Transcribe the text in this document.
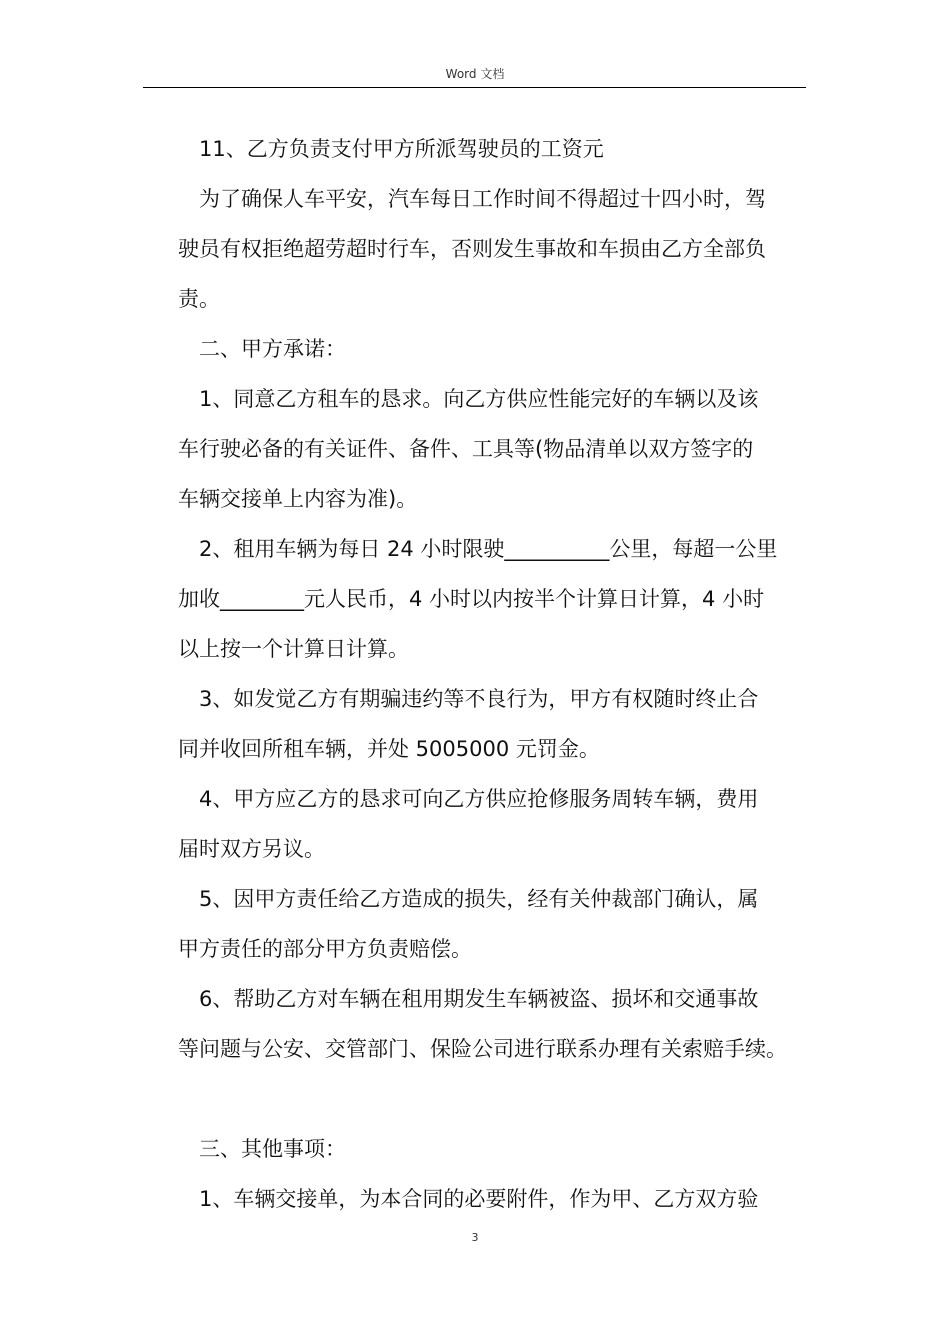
Word 文档
11、乙方负责支付甲方所派驾驶员的工资元
为了确保人车平安，汽车每日工作时间不得超过十四小时，驾
驶员有权拒绝超劳超时行车，否则发生事故和车损由乙方全部负
责。
二、甲方承诺：
1、同意乙方租车的恳求。向乙方供应性能完好的车辆以及该
车行驶必备的有关证件、备件、工具等(物品清单以双方签字的
车辆交接单上内容为准)。
2、租用车辆为每日 24 小时限驶__________公里，每超一公里
加收________元人民币，4 小时以内按半个计算日计算，4 小时
以上按一个计算日计算。
3、如发觉乙方有期骗违约等不良行为，甲方有权随时终止合
同并收回所租车辆，并处 5005000 元罚金。
4、甲方应乙方的恳求可向乙方供应抢修服务周转车辆，费用
届时双方另议。
5、因甲方责任给乙方造成的损失，经有关仲裁部门确认，属
甲方责任的部分甲方负责赔偿。
6、帮助乙方对车辆在租用期发生车辆被盗、损坏和交通事故
等问题与公安、交管部门、保险公司进行联系办理有关索赔手续。
三、其他事项：
1、车辆交接单，为本合同的必要附件，作为甲、乙方双方验
3
